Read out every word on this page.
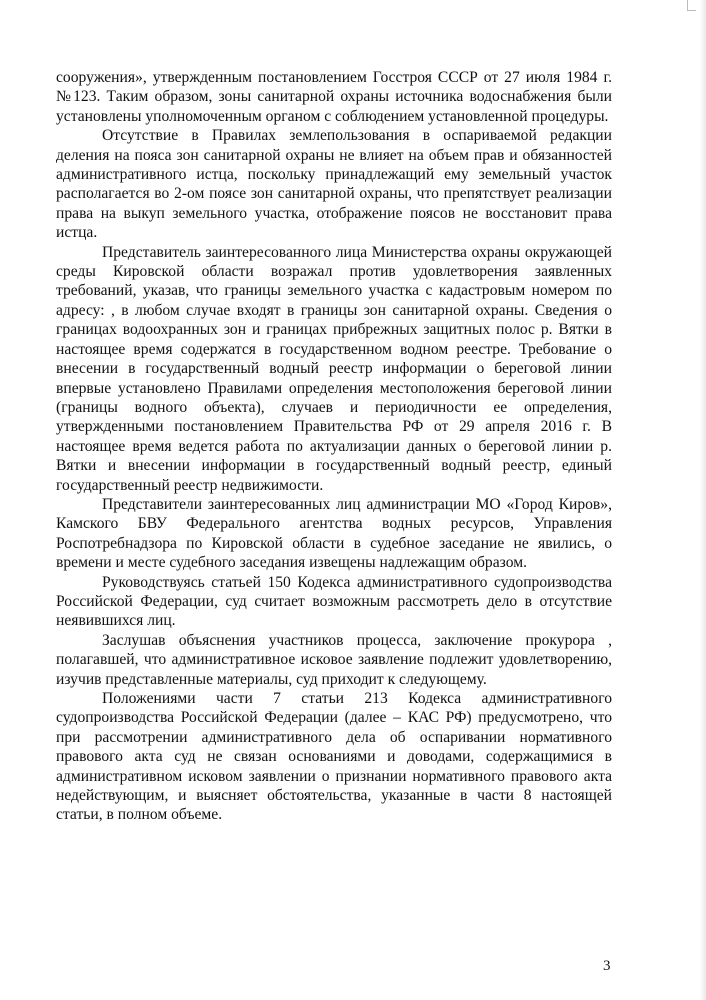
сооружения», утвержденным постановлением Госстроя СССР от 27 июля 1984 г. №123. Таким образом, зоны санитарной охраны источника водоснабжения были установлены уполномоченным органом с соблюдением установленной процедуры.

Отсутствие в Правилах землепользования в оспариваемой редакции деления на пояса зон санитарной охраны не влияет на объем прав и обязанностей административного истца, поскольку принадлежащий ему земельный участок располагается во 2-ом поясе зон санитарной охраны, что препятствует реализации права на выкуп земельного участка, отображение поясов не восстановит права истца.

Представитель заинтересованного лица Министерства охраны окружающей среды Кировской области возражал против удовлетворения заявленных требований, указав, что границы земельного участка с кадастровым номером по адресу: , в любом случае входят в границы зон санитарной охраны. Сведения о границах водоохранных зон и границах прибрежных защитных полос р. Вятки в настоящее время содержатся в государственном водном реестре. Требование о внесении в государственный водный реестр информации о береговой линии впервые установлено Правилами определения местоположения береговой линии (границы водного объекта), случаев и периодичности ее определения, утвержденными постановлением Правительства РФ от 29 апреля 2016 г. В настоящее время ведется работа по актуализации данных о береговой линии р. Вятки и внесении информации в государственный водный реестр, единый государственный реестр недвижимости.

Представители заинтересованных лиц администрации МО «Город Киров», Камского БВУ Федерального агентства водных ресурсов, Управления Роспотребнадзора по Кировской области в судебное заседание не явились, о времени и месте судебного заседания извещены надлежащим образом.

Руководствуясь статьей 150 Кодекса административного судопроизводства Российской Федерации, суд считает возможным рассмотреть дело в отсутствие неявившихся лиц.

Заслушав объяснения участников процесса, заключение прокурора , полагавшей, что административное исковое заявление подлежит удовлетворению, изучив представленные материалы, суд приходит к следующему.

Положениями части 7 статьи 213 Кодекса административного судопроизводства Российской Федерации (далее – КАС РФ) предусмотрено, что при рассмотрении административного дела об оспаривании нормативного правового акта суд не связан основаниями и доводами, содержащимися в административном исковом заявлении о признании нормативного правового акта недействующим, и выясняет обстоятельства, указанные в части 8 настоящей статьи, в полном объеме.

3
